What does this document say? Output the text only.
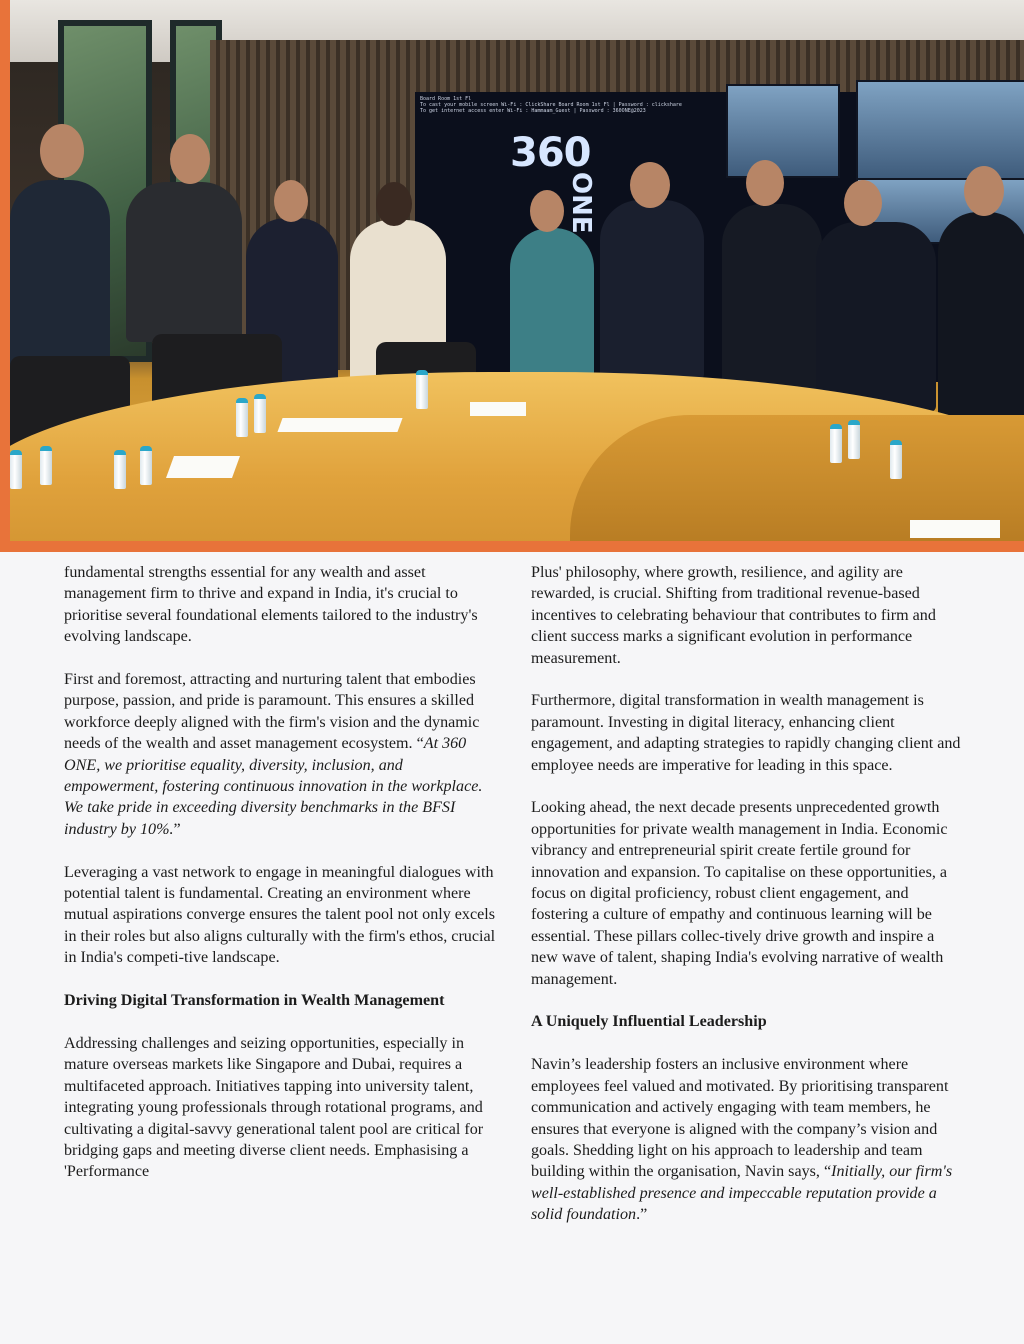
Board Room 1st Fl
To cast your mobile screen Wi-Fi : ClickShare Board Room 1st Fl | Password : clickshare
To get internet access enter Wi-Fi : Hammaam_Guest | Password : 360ONE@2023
360
ONE

fundamental strengths essential for any wealth and asset management firm to thrive and expand in India, it's crucial to prioritise several foundational elements tailored to the industry's evolving landscape.

First and foremost, attracting and nurturing talent that embodies purpose, passion, and pride is paramount. This ensures a skilled workforce deeply aligned with the firm's vision and the dynamic needs of the wealth and asset management ecosystem. “At 360 ONE, we prioritise equality, diversity, inclusion, and empowerment, fostering continuous innovation in the workplace. We take pride in exceeding diversity benchmarks in the BFSI industry by 10%.”

Leveraging a vast network to engage in meaningful dialogues with potential talent is fundamental. Creating an environment where mutual aspirations converge ensures the talent pool not only excels in their roles but also aligns culturally with the firm's ethos, crucial in India's competi-tive landscape.

Driving Digital Transformation in Wealth Management

Addressing challenges and seizing opportunities, especially in mature overseas markets like Singapore and Dubai, requires a multifaceted approach. Initiatives tapping into university talent, integrating young professionals through rotational programs, and cultivating a digital-savvy generational talent pool are critical for bridging gaps and meeting diverse client needs. Emphasising a 'Performance

Plus' philosophy, where growth, resilience, and agility are rewarded, is crucial. Shifting from traditional revenue-based incentives to celebrating behaviour that contributes to firm and client success marks a significant evolution in performance measurement.

Furthermore, digital transformation in wealth management is paramount. Investing in digital literacy, enhancing client engagement, and adapting strategies to rapidly changing client and employee needs are imperative for leading in this space.

Looking ahead, the next decade presents unprecedented growth opportunities for private wealth management in India. Economic vibrancy and entrepreneurial spirit create fertile ground for innovation and expansion. To capitalise on these opportunities, a focus on digital proficiency, robust client engagement, and fostering a culture of empathy and continuous learning will be essential. These pillars collec-tively drive growth and inspire a new wave of talent, shaping India's evolving narrative of wealth management.

A Uniquely Influential Leadership

Navin’s leadership fosters an inclusive environment where employees feel valued and motivated. By prioritising transparent communication and actively engaging with team members, he ensures that everyone is aligned with the company’s vision and goals. Shedding light on his approach to leadership and team building within the organisation, Navin says, “Initially, our firm's well-established presence and impeccable reputation provide a solid foundation.”
